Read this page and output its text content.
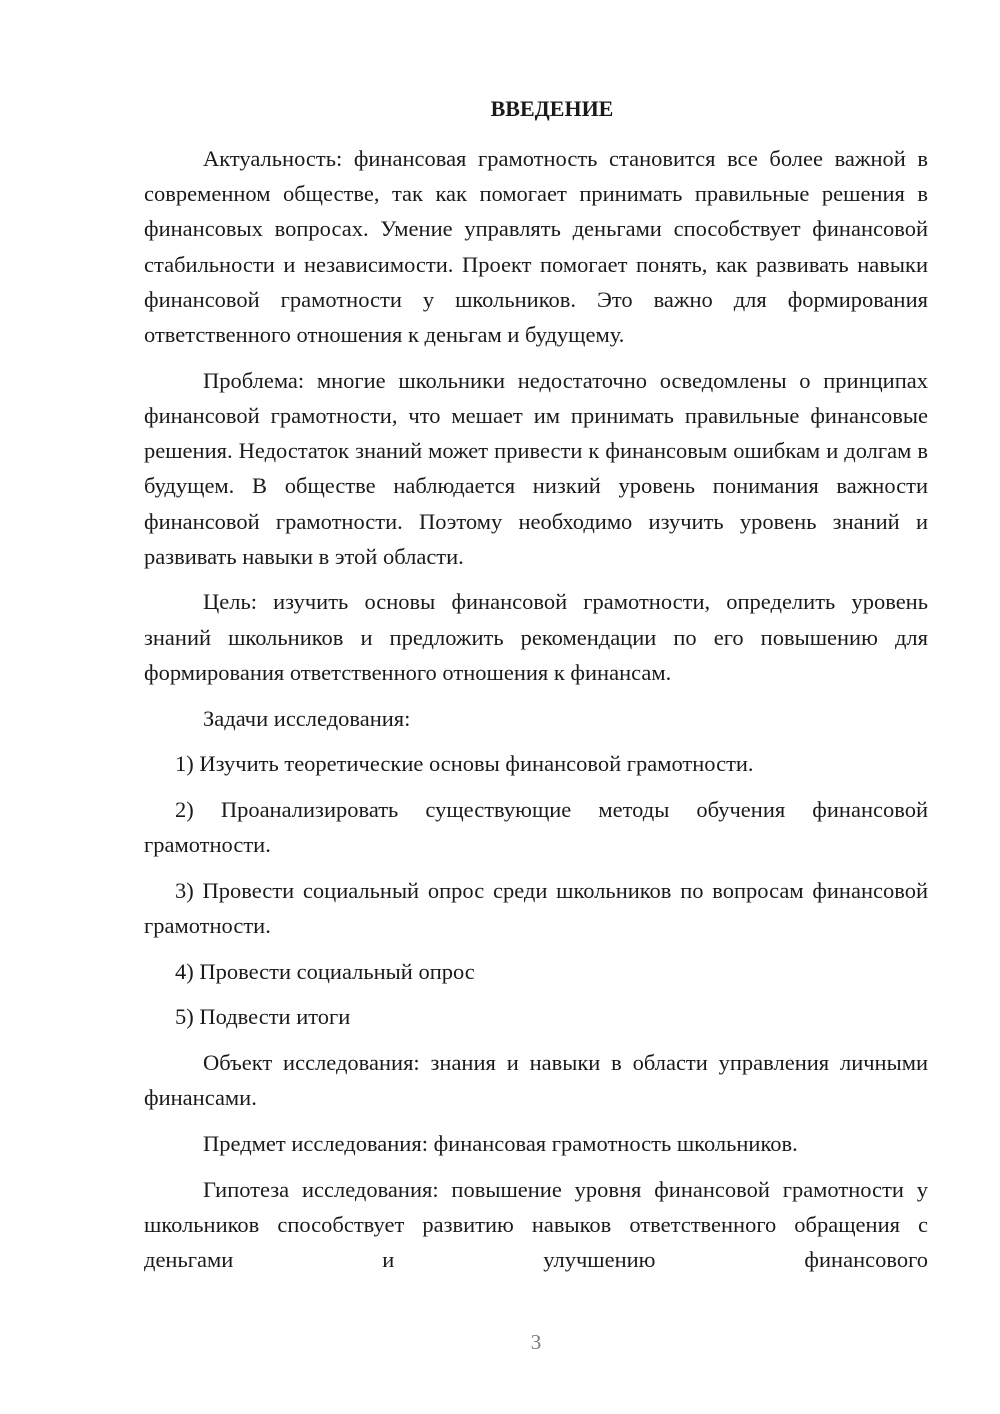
ВВЕДЕНИЕ

Актуальность: финансовая грамотность становится все более важной в современном обществе, так как помогает принимать правильные решения в финансовых вопросах. Умение управлять деньгами способствует финансовой стабильности и независимости. Проект помогает понять, как развивать навыки финансовой грамотности у школьников. Это важно для формирования ответственного отношения к деньгам и будущему.

Проблема: многие школьники недостаточно осведомлены о принципах финансовой грамотности, что мешает им принимать правильные финансовые решения. Недостаток знаний может привести к финансовым ошибкам и долгам в будущем. В обществе наблюдается низкий уровень понимания важности финансовой грамотности. Поэтому необходимо изучить уровень знаний и развивать навыки в этой области.

Цель: изучить основы финансовой грамотности, определить уровень знаний школьников и предложить рекомендации по его повышению для формирования ответственного отношения к финансам.

Задачи исследования:

1) Изучить теоретические основы финансовой грамотности.

2) Проанализировать существующие методы обучения финансовой грамотности.

3) Провести социальный опрос среди школьников по вопросам финансовой грамотности.

4) Провести социальный опрос

5) Подвести итоги

Объект исследования: знания и навыки в области управления личными финансами.

Предмет исследования: финансовая грамотность школьников.

Гипотеза исследования: повышение уровня финансовой грамотности у школьников способствует развитию навыков ответственного обращения с деньгами и улучшению финансового

3
